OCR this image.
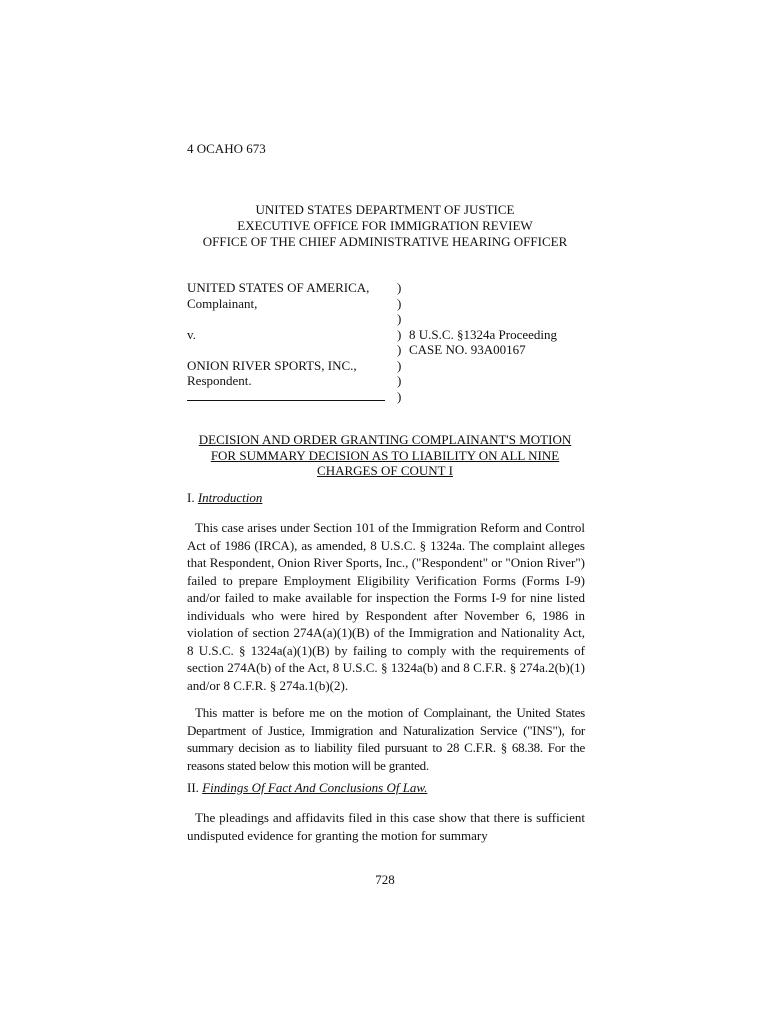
4 OCAHO 673
UNITED STATES DEPARTMENT OF JUSTICE
EXECUTIVE OFFICE FOR IMMIGRATION REVIEW
OFFICE OF THE CHIEF ADMINISTRATIVE HEARING OFFICER
UNITED STATES OF AMERICA,	)
Complainant,	)
)
v.	) 8 U.S.C. §1324a Proceeding
) CASE NO. 93A00167
ONION RIVER SPORTS, INC.,	)
Respondent.	)
)
DECISION AND ORDER GRANTING COMPLAINANT'S MOTION
FOR SUMMARY DECISION AS TO LIABILITY ON ALL NINE
CHARGES OF COUNT I
I. Introduction
This case arises under Section 101 of the Immigration Reform and Control Act of 1986 (IRCA), as amended, 8 U.S.C. § 1324a. The complaint alleges that Respondent, Onion River Sports, Inc., ("Respondent" or "Onion River") failed to prepare Employment Eligibility Verification Forms (Forms I-9) and/or failed to make available for inspection the Forms I-9 for nine listed individuals who were hired by Respondent after November 6, 1986 in violation of section 274A(a)(1)(B) of the Immigration and Nationality Act, 8 U.S.C. § 1324a(a)(1)(B) by failing to comply with the requirements of section 274A(b) of the Act, 8 U.S.C. § 1324a(b) and 8 C.F.R. § 274a.2(b)(1) and/or 8 C.F.R. § 274a.1(b)(2).
This matter is before me on the motion of Complainant, the United States Department of Justice, Immigration and Naturalization Service ("INS"), for summary decision as to liability filed pursuant to 28 C.F.R. § 68.38. For the reasons stated below this motion will be granted.
II. Findings Of Fact And Conclusions Of Law.
The pleadings and affidavits filed in this case show that there is sufficient undisputed evidence for granting the motion for summary
728
